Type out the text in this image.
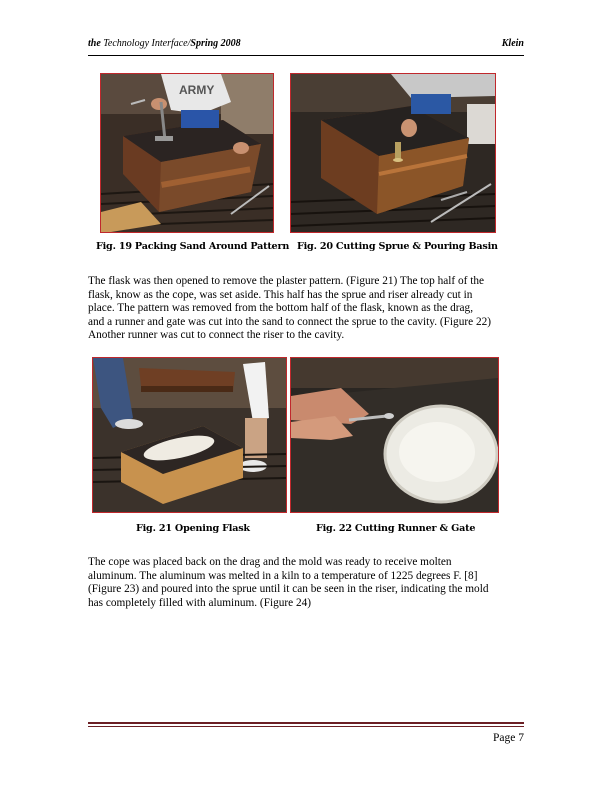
the Technology Interface/Spring 2008	Klein
ARMY
Fig. 19 Packing Sand Around Pattern Fig. 20 Cutting Sprue & Pouring Basin
The flask was then opened to remove the plaster pattern. (Figure 21) The top half of the
flask, know as the cope, was set aside. This half has the sprue and riser already cut in
place. The pattern was removed from the bottom half of the flask, known as the drag,
and a runner and gate was cut into the sand to connect the sprue to the cavity. (Figure 22)
Another runner was cut to connect the riser to the cavity.
Fig. 21 Opening Flask	Fig. 22 Cutting Runner & Gate
The cope was placed back on the drag and the mold was ready to receive molten
aluminum. The aluminum was melted in a kiln to a temperature of 1225 degrees F. [8]
(Figure 23) and poured into the sprue until it can be seen in the riser, indicating the mold
has completely filled with aluminum. (Figure 24)
Page 7
